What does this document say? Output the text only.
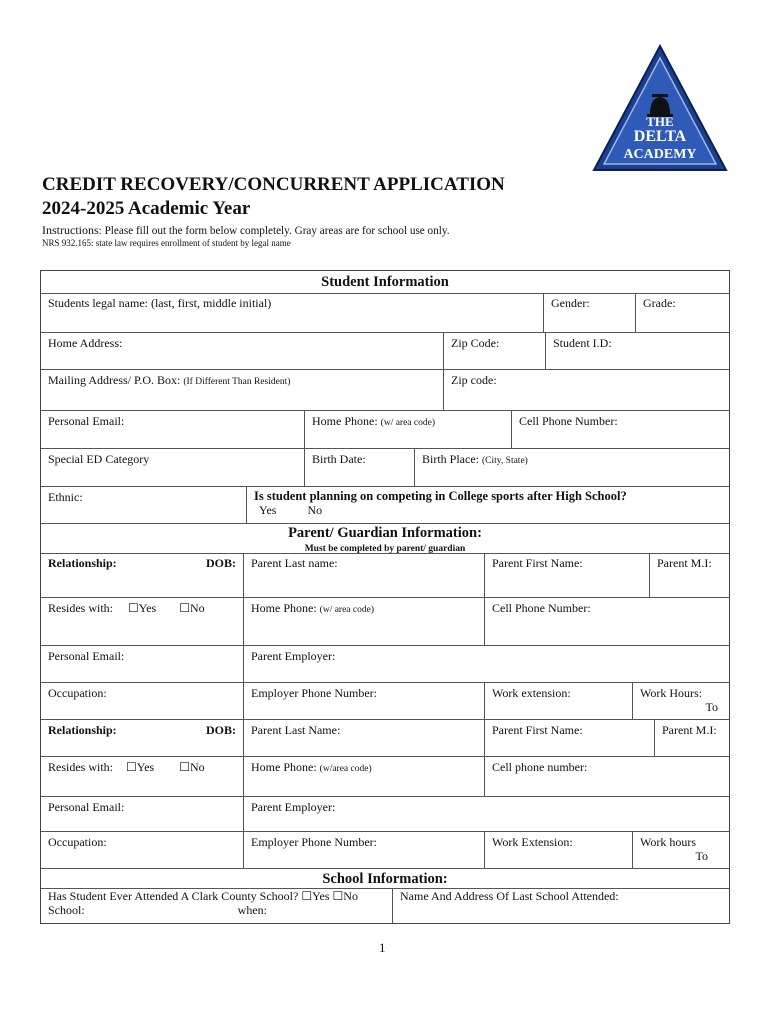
THE
DELTA
ACADEMY
CREDIT RECOVERY/CONCURRENT APPLICATION
2024-2025 Academic Year
Instructions: Please fill out the form below completely. Gray areas are for school use only.
NRS 932.165: state law requires enrollment of student by legal name
Student Information
Students legal name: (last, first, middle initial)	Gender:	Grade:
Home Address:	Zip Code:	Student I.D:
Mailing Address/ P.O. Box: (If Different Than Resident)	Zip code:
Personal Email:	Home Phone: (w/ area code)	Cell Phone Number:
Special ED Category	Birth Date:	Birth Place: (City, State)
Ethnic:	Is student planning on competing in College sports after High School?
Yes	No
Parent/ Guardian Information:
Must be completed by parent/ guardian
Relationship:	DOB:	Parent Last name:	Parent First Name:	Parent M.I:
Resides with: ☐Yes ☐No	Home Phone: (w/ area code)	Cell Phone Number:
Personal Email:	Parent Employer:
Occupation:	Employer Phone Number:	Work extension:	Work Hours:
To
Relationship:	DOB:	Parent Last Name:	Parent First Name:	Parent M.I:
Resides with: ☐Yes ☐No	Home Phone: (w/area code)	Cell phone number:
Personal Email:	Parent Employer:
Occupation:	Employer Phone Number:	Work Extension:	Work hours
To
School Information:
Has Student Ever Attended A Clark County School? ☐Yes ☐No
School:	when:
Name And Address Of Last School Attended:
1
